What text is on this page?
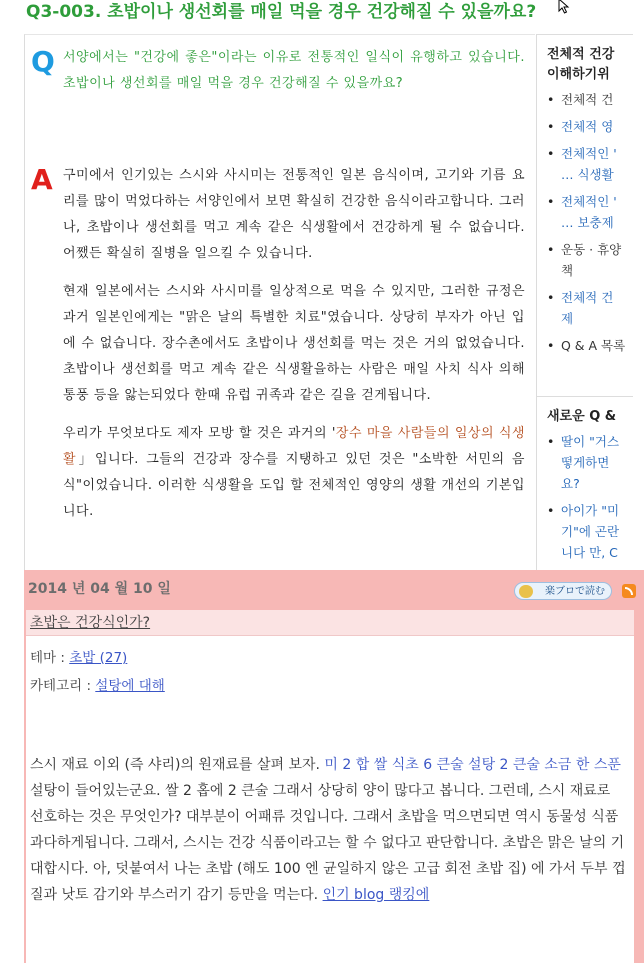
Q3-003. 초밥이나 생선회를 매일 먹을 경우 건강해질 수 있을까요?
Q 서양에서는 "건강에 좋은"이라는 이유로 전통적인 일식이 유행하고 있습니다. 초밥이나 생선회를 매일 먹을 경우 건강해질 수 있을까요?
A 구미에서 인기있는 스시와 사시미는 전통적인 일본 음식이며, 고기와 기름 요리를 많이 먹었다하는 서양인에서 보면 확실히 건강한 음식이라고합니다. 그러나, 초밥이나 생선회를 먹고 계속 같은 식생활에서 건강하게 될 수 없습니다. 어쨌든 확실히 질병을 일으킬 수 있습니다.

현재 일본에서는 스시와 사시미를 일상적으로 먹을 수 있지만, 그러한 규정은 과거 일본인에게는 "맑은 날의 특별한 치료"였습니다. 상당히 부자가 아닌 입에 수 없습니다. 장수촌에서도 초밥이나 생선회를 먹는 것은 거의 없었습니다. 초밥이나 생선회를 먹고 계속 같은 식생활을하는 사람은 매일 사치 식사 의해 통풍 등을 앓는되었다 한때 유럽 귀족과 같은 길을 걷게됩니다.

우리가 무엇보다도 제자 모방 할 것은 과거의 '장수 마을 사람들의 일상의 식생활」입니다. 그들의 건강과 장수를 지탱하고 있던 것은 "소박한 서민의 음식"이었습니다. 이러한 식생활을 도입 할 전체적인 영양의 생활 개선의 기본입니다.

전체적 건강
이해하기위
• 전체적 건
• 전체적 영
• 전체적인 '
… 식생활
• 전체적인 '
… 보충제
• 운동 · 휴양
책
• 전체적 건
제
• Q & A 목록
새로운 Q &
• 딸이 "거스
떻게하면
요?
• 아이가 "미
기"에 곤란
니다 만, C
2014 년 04 월 10 일	楽ブロで読む
초밥은 건강식인가?
테마 : 초밥 (27)
카테고리 : 설탕에 대해
스시 재료 이외 (즉 샤리)의 원재료를 살펴 보자. 미 2 합 쌀 식초 6 큰술 설탕 2 큰술 소금 한 스푼 설탕이 들어있는군요. 쌀 2 홉에 2 큰술 그래서 상당히 양이 많다고 봅니다. 그런데, 스시 재료로 선호하는 것은 무엇인가? 대부분이 어패류 것입니다. 그래서 초밥을 먹으면되면 역시 동물성 식품 과다하게됩니다. 그래서, 스시는 건강 식품이라고는 할 수 없다고 판단합니다. 초밥은 맑은 날의 기대합시다. 아, 덧붙여서 나는 초밥 (해도 100 엔 균일하지 않은 고급 회전 초밥 집) 에 가서 두부 껍질과 낫토 감기와 부스러기 감기 등만을 먹는다. 인기 blog 랭킹에
